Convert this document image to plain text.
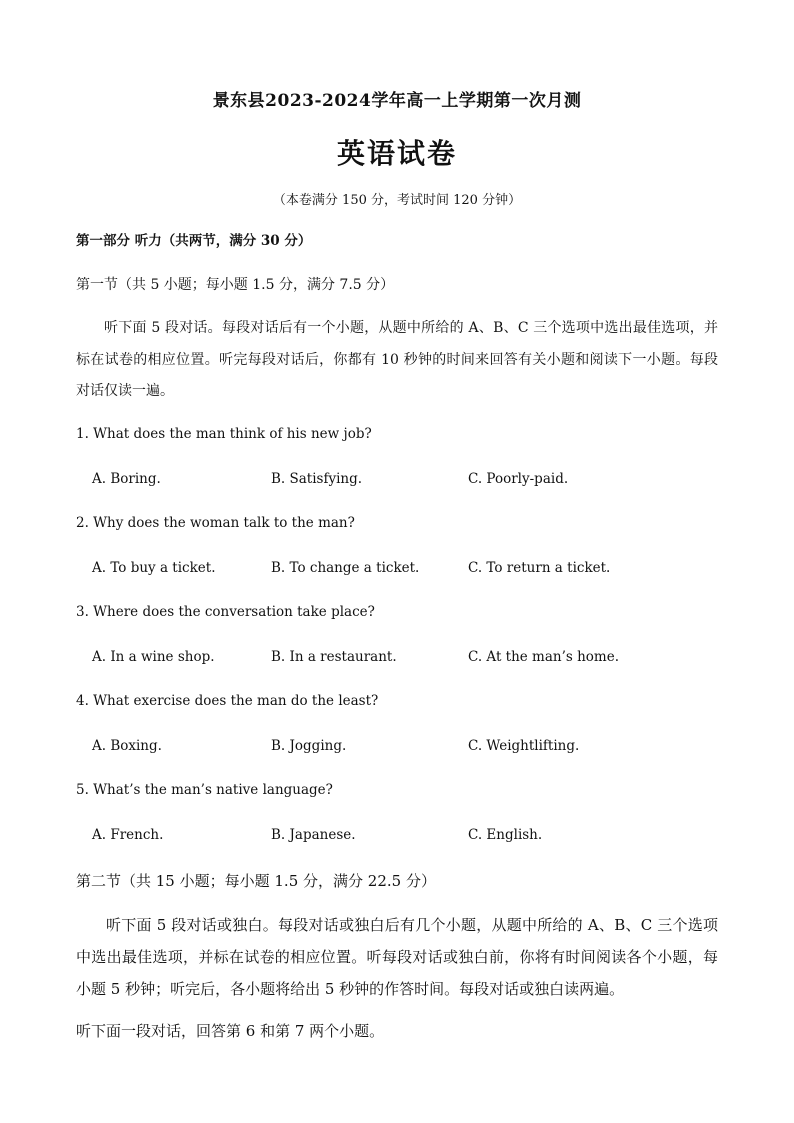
景东县2023-2024学年高一上学期第一次月测
英语试卷
（本卷满分 150 分，考试时间 120 分钟）
第一部分 听力（共两节，满分 30 分）
第一节（共 5 小题；每小题 1.5 分，满分 7.5 分）
听下面 5 段对话。每段对话后有一个小题，从题中所给的 A、B、C 三个选项中选出最佳选项，并标在试卷的相应位置。听完每段对话后，你都有 10 秒钟的时间来回答有关小题和阅读下一小题。每段对话仅读一遍。
1. What does the man think of his new job?
A. Boring.	B. Satisfying.	C. Poorly-paid.
2. Why does the woman talk to the man?
A. To buy a ticket.	B. To change a ticket.	C. To return a ticket.
3. Where does the conversation take place?
A. In a wine shop.	B. In a restaurant.	C. At the man’s home.
4. What exercise does the man do the least?
A. Boxing.	B. Jogging.	C. Weightlifting.
5. What’s the man’s native language?
A. French.	B. Japanese.	C. English.
第二节（共 15 小题；每小题 1.5 分，满分 22.5 分）
听下面 5 段对话或独白。每段对话或独白后有几个小题，从题中所给的 A、B、C 三个选项中选出最佳选项，并标在试卷的相应位置。听每段对话或独白前，你将有时间阅读各个小题，每小题 5 秒钟；听完后，各小题将给出 5 秒钟的作答时间。每段对话或独白读两遍。
听下面一段对话，回答第 6 和第 7 两个小题。
